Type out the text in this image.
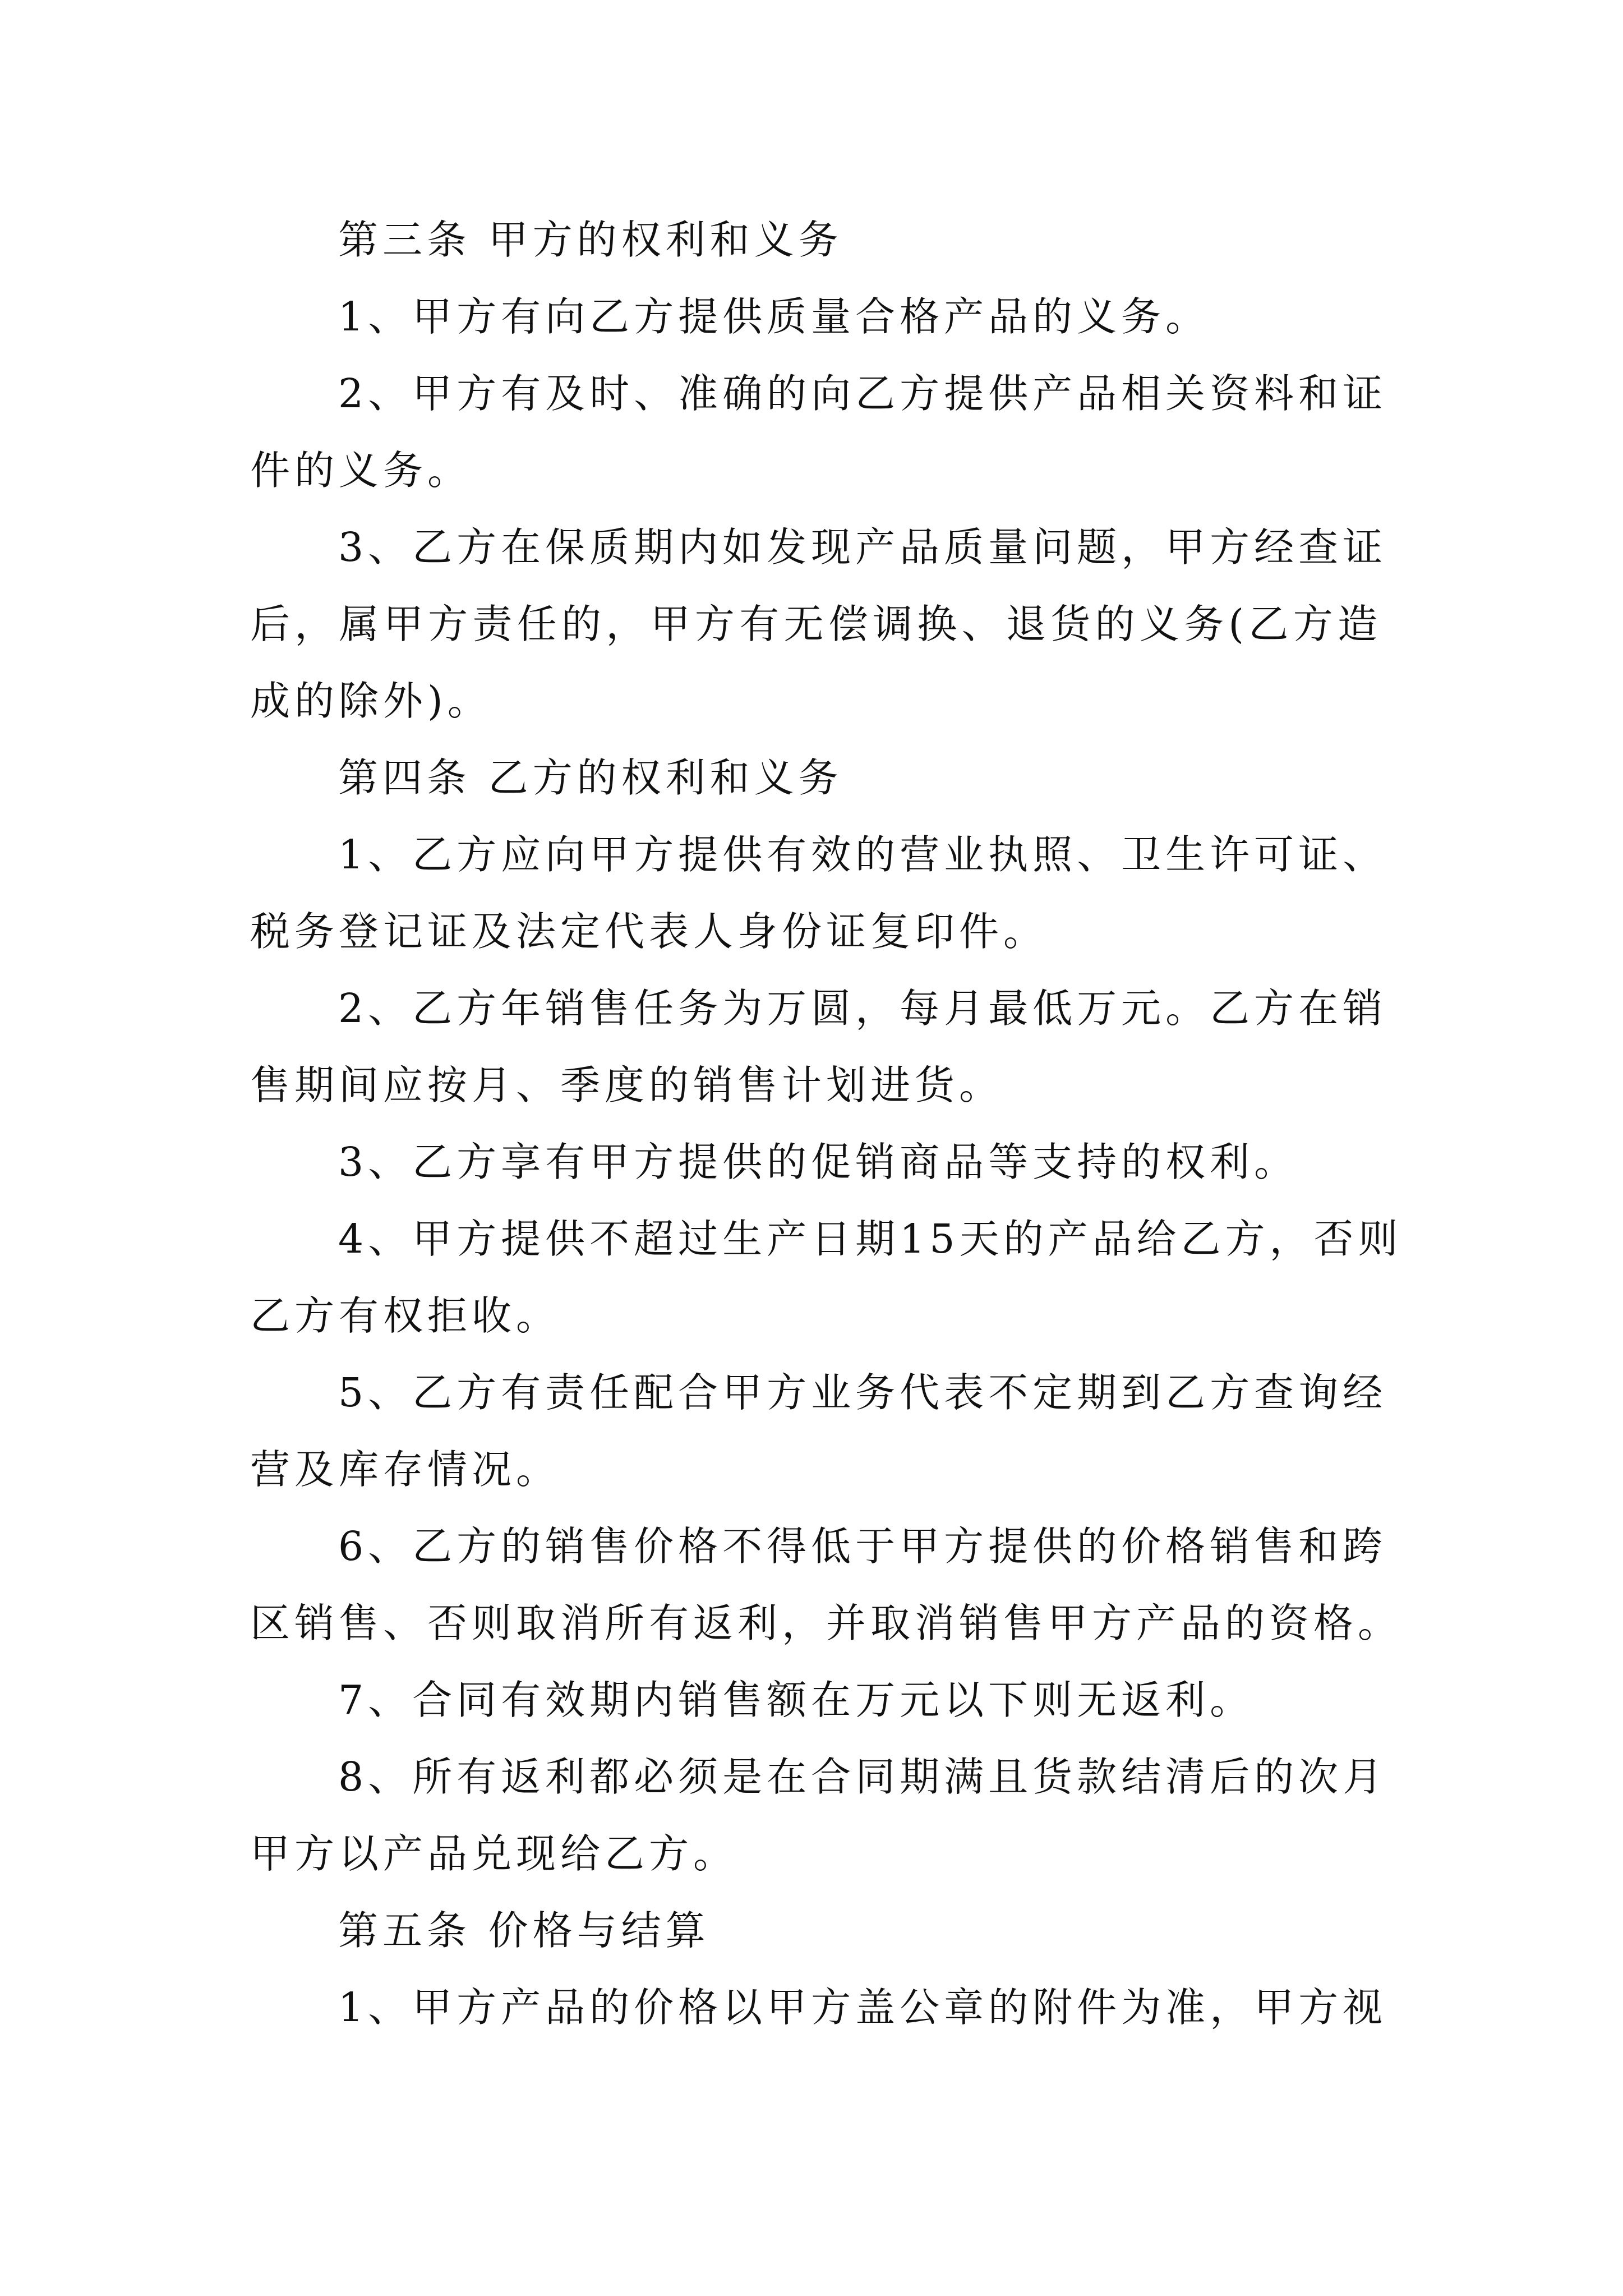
第三条 甲方的权利和义务
1、甲方有向乙方提供质量合格产品的义务。
2、甲方有及时、准确的向乙方提供产品相关资料和证
件的义务。
3、乙方在保质期内如发现产品质量问题，甲方经查证
后，属甲方责任的，甲方有无偿调换、退货的义务(乙方造
成的除外)。
第四条 乙方的权利和义务
1、乙方应向甲方提供有效的营业执照、卫生许可证、
税务登记证及法定代表人身份证复印件。
2、乙方年销售任务为万圆，每月最低万元。乙方在销
售期间应按月、季度的销售计划进货。
3、乙方享有甲方提供的促销商品等支持的权利。
4、甲方提供不超过生产日期15天的产品给乙方，否则
乙方有权拒收。
5、乙方有责任配合甲方业务代表不定期到乙方查询经
营及库存情况。
6、乙方的销售价格不得低于甲方提供的价格销售和跨
区销售、否则取消所有返利，并取消销售甲方产品的资格。
7、合同有效期内销售额在万元以下则无返利。
8、所有返利都必须是在合同期满且货款结清后的次月
甲方以产品兑现给乙方。
第五条 价格与结算
1、甲方产品的价格以甲方盖公章的附件为准，甲方视
